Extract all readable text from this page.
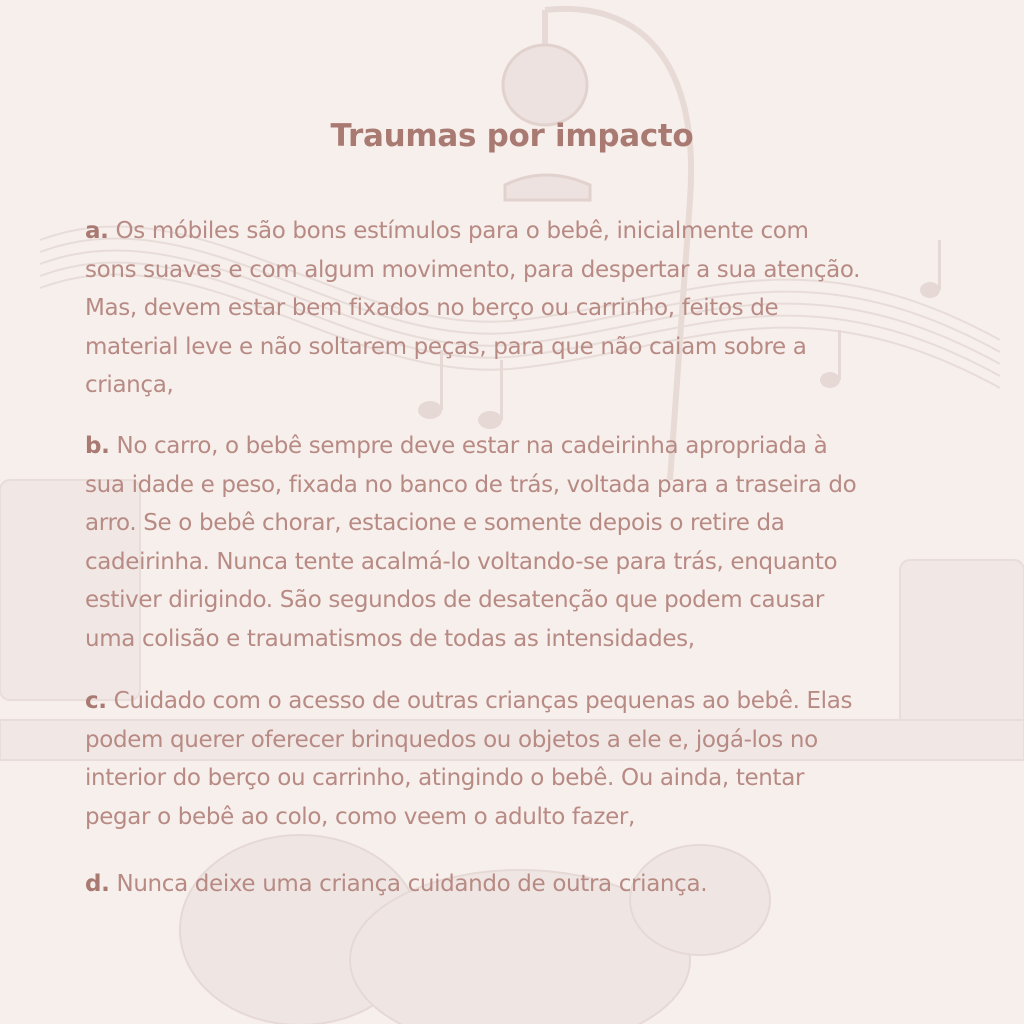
Traumas por impacto

a. Os móbiles são bons estímulos para o bebê, inicialmente com
sons suaves e com algum movimento, para despertar a sua atenção.
Mas, devem estar bem fixados no berço ou carrinho, feitos de
material leve e não soltarem peças, para que não caiam sobre a
criança,

b. No carro, o bebê sempre deve estar na cadeirinha apropriada à
sua idade e peso, fixada no banco de trás, voltada para a traseira do
arro. Se o bebê chorar, estacione e somente depois o retire da
cadeirinha. Nunca tente acalmá-lo voltando-se para trás, enquanto
estiver dirigindo. São segundos de desatenção que podem causar
uma colisão e traumatismos de todas as intensidades,

c. Cuidado com o acesso de outras crianças pequenas ao bebê. Elas
podem querer oferecer brinquedos ou objetos a ele e, jogá-los no
interior do berço ou carrinho, atingindo o bebê. Ou ainda, tentar
pegar o bebê ao colo, como veem o adulto fazer,

d. Nunca deixe uma criança cuidando de outra criança.
